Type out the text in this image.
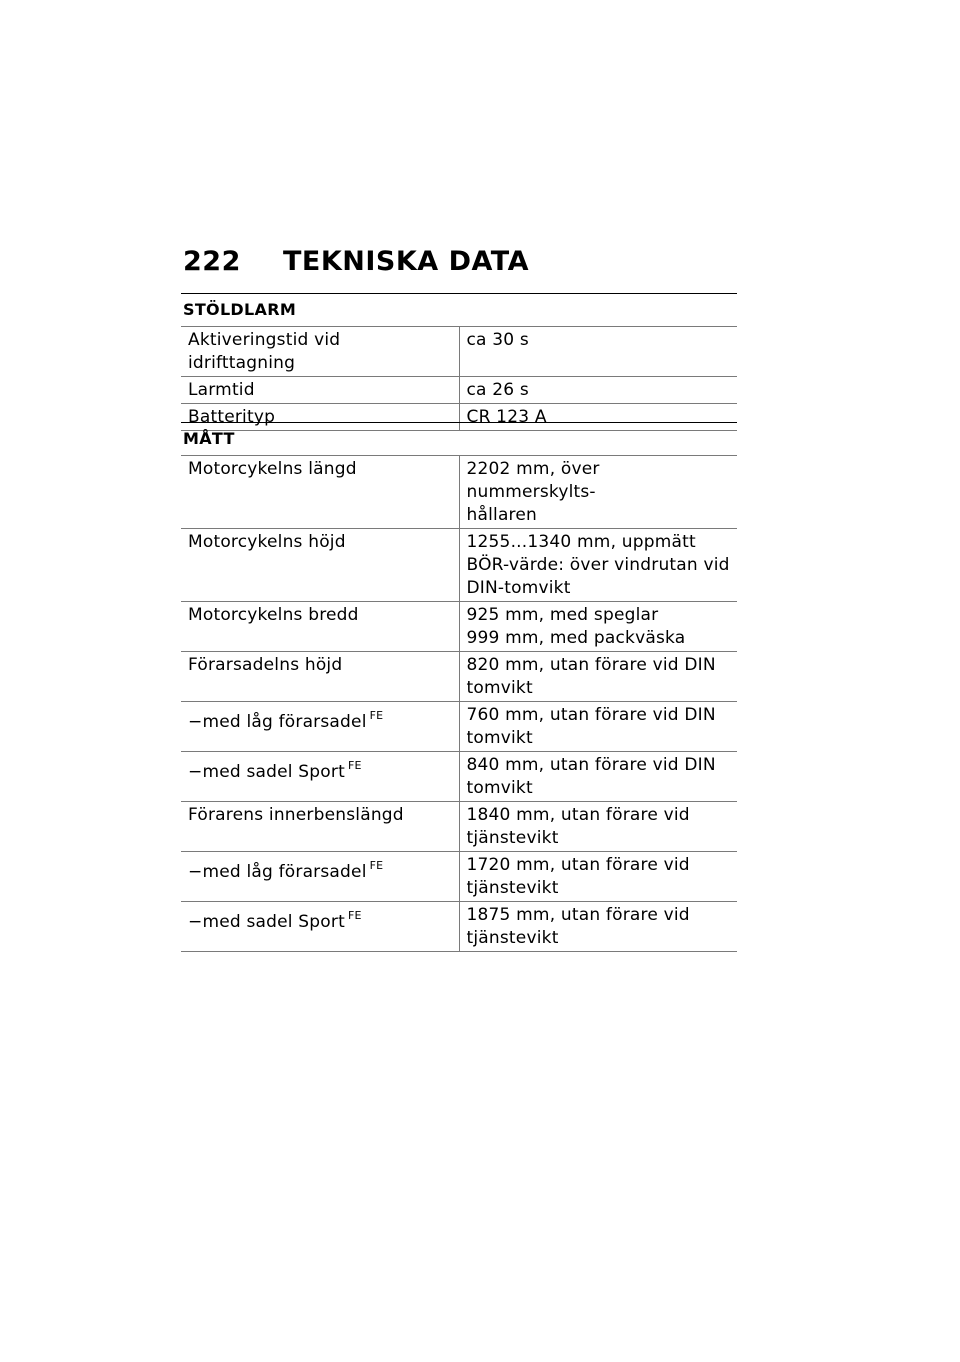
222	TEKNISKA DATA
STÖLDLARM
Aktiveringstid vid idrifttagning	ca 30 s

Larmtid	ca 26 s

Batterityp	CR 123 A
MÅTT
Motorcykelns längd	2202 mm, över nummerskylts-
hållaren

Motorcykelns höjd	1255...1340 mm, uppmätt
BÖR-värde: över vindrutan vid
DIN-tomvikt

Motorcykelns bredd	925 mm, med speglar
999 mm, med packväska

Förarsadelns höjd	820 mm, utan förare vid DIN
tomvikt

−med låg förarsadel $^{FE}$	760 mm, utan förare vid DIN
tomvikt

−med sadel Sport $^{FE}$	840 mm, utan förare vid DIN
tomvikt

Förarens innerbenslängd	1840 mm, utan förare vid
tjänstevikt

−med låg förarsadel $^{FE}$	1720 mm, utan förare vid
tjänstevikt

−med sadel Sport $^{FE}$	1875 mm, utan förare vid
tjänstevikt
